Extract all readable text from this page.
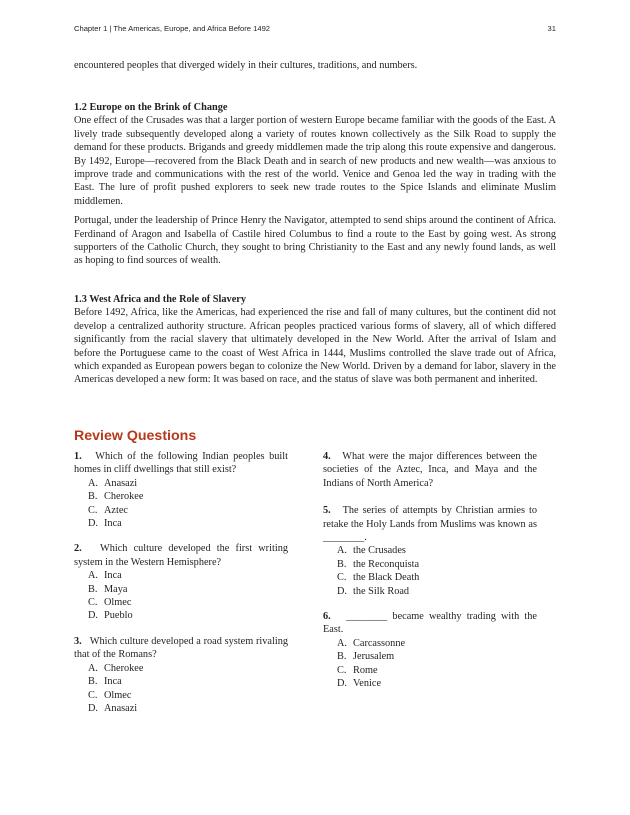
Chapter 1 | The Americas, Europe, and Africa Before 1492	31

encountered peoples that diverged widely in their cultures, traditions, and numbers.

1.2 Europe on the Brink of Change

One effect of the Crusades was that a larger portion of western Europe became familiar with the goods of the East. A lively trade subsequently developed along a variety of routes known collectively as the Silk Road to supply the demand for these products. Brigands and greedy middlemen made the trip along this route expensive and dangerous. By 1492, Europe—recovered from the Black Death and in search of new products and new wealth—was anxious to improve trade and communications with the rest of the world. Venice and Genoa led the way in trading with the East. The lure of profit pushed explorers to seek new trade routes to the Spice Islands and eliminate Muslim middlemen.

Portugal, under the leadership of Prince Henry the Navigator, attempted to send ships around the continent of Africa. Ferdinand of Aragon and Isabella of Castile hired Columbus to find a route to the East by going west. As strong supporters of the Catholic Church, they sought to bring Christianity to the East and any newly found lands, as well as hoping to find sources of wealth.

1.3 West Africa and the Role of Slavery

Before 1492, Africa, like the Americas, had experienced the rise and fall of many cultures, but the continent did not develop a centralized authority structure. African peoples practiced various forms of slavery, all of which differed significantly from the racial slavery that ultimately developed in the New World. After the arrival of Islam and before the Portuguese came to the coast of West Africa in 1444, Muslims controlled the slave trade out of Africa, which expanded as European powers began to colonize the New World. Driven by a demand for labor, slavery in the Americas developed a new form: It was based on race, and the status of slave was both permanent and inherited.

Review Questions

1. Which of the following Indian peoples built homes in cliff dwellings that still exist?

A. Anasazi
B. Cherokee
C. Aztec
D. Inca

2. Which culture developed the first writing system in the Western Hemisphere?

A. Inca
B. Maya
C. Olmec
D. Pueblo

3. Which culture developed a road system rivaling that of the Romans?

A. Cherokee
B. Inca
C. Olmec
D. Anasazi

4. What were the major differences between the societies of the Aztec, Inca, and Maya and the Indians of North America?

5. The series of attempts by Christian armies to retake the Holy Lands from Muslims was known as ________.

A. the Crusades
B. the Reconquista
C. the Black Death
D. the Silk Road

6. ________ became wealthy trading with the East.

A. Carcassonne
B. Jerusalem
C. Rome
D. Venice
